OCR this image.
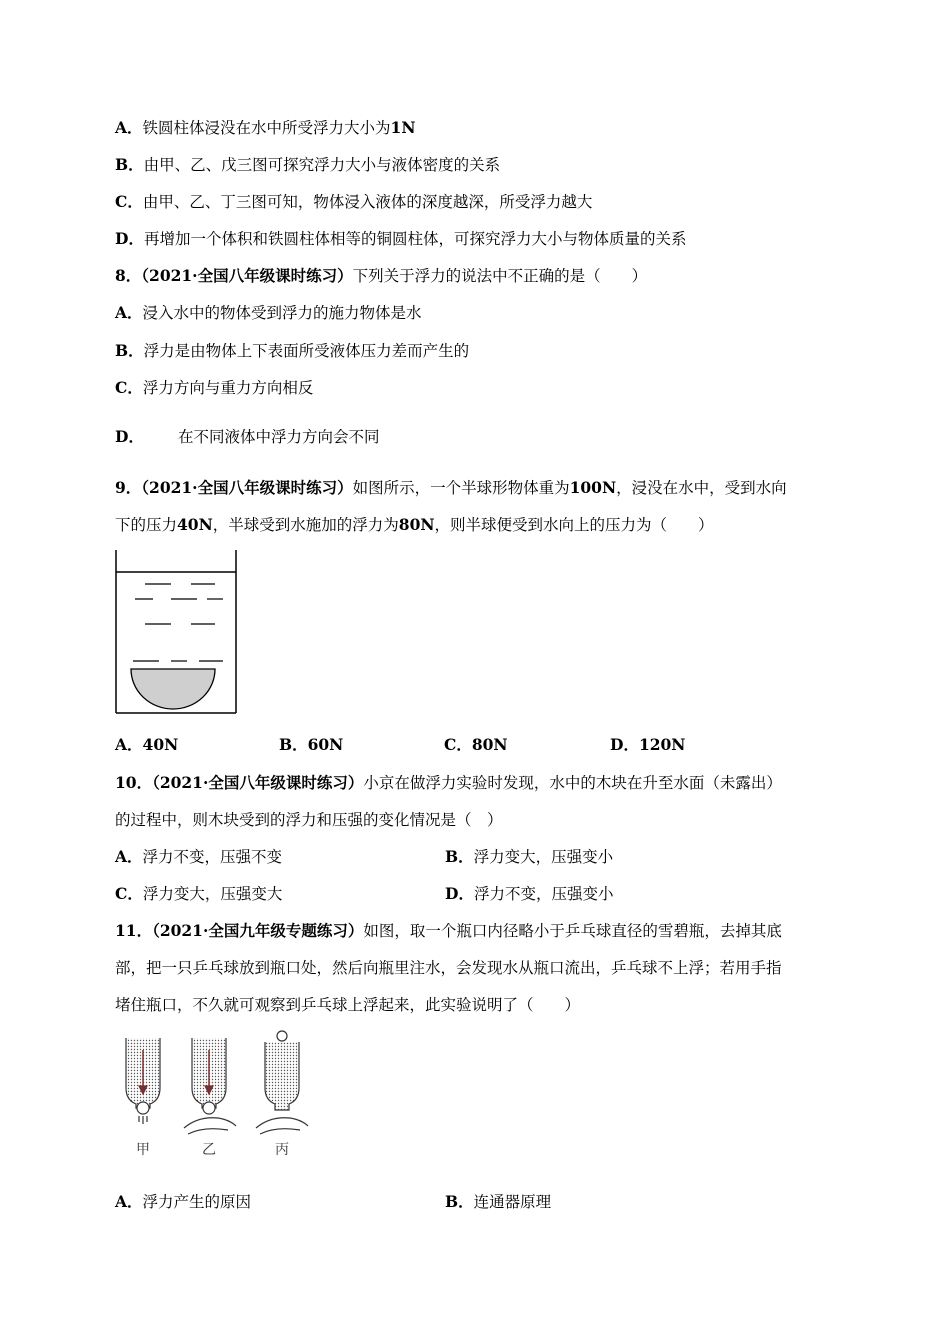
A．铁圆柱体浸没在水中所受浮力大小为1N
B．由甲、乙、戊三图可探究浮力大小与液体密度的关系
C．由甲、乙、丁三图可知，物体浸入液体的深度越深，所受浮力越大
D．再增加一个体积和铁圆柱体相等的铜圆柱体，可探究浮力大小与物体质量的关系
8．（2021·全国八年级课时练习）下列关于浮力的说法中不正确的是（　　）
A．浸入水中的物体受到浮力的施力物体是水
B．浮力是由物体上下表面所受液体压力差而产生的
C．浮力方向与重力方向相反
D． 在不同液体中浮力方向会不同
9．（2021·全国八年级课时练习）如图所示，一个半球形物体重为100N，浸没在水中，受到水向
下的压力40N，半球受到水施加的浮力为80N，则半球便受到水向上的压力为（　　）
A．40N	B．60N	C．80N	D．120N
10．（2021·全国八年级课时练习）小京在做浮力实验时发现，水中的木块在升至水面（未露出）
的过程中，则木块受到的浮力和压强的变化情况是（　）
A．浮力不变，压强不变	B．浮力变大，压强变小
C．浮力变大，压强变大	D．浮力不变，压强变小
11．（2021·全国九年级专题练习）如图，取一个瓶口内径略小于乒乓球直径的雪碧瓶，去掉其底
部，把一只乒乓球放到瓶口处，然后向瓶里注水，会发现水从瓶口流出，乒乓球不上浮；若用手指
堵住瓶口，不久就可观察到乒乓球上浮起来，此实验说明了（　　）
甲	乙	丙
A．浮力产生的原因	B．连通器原理
